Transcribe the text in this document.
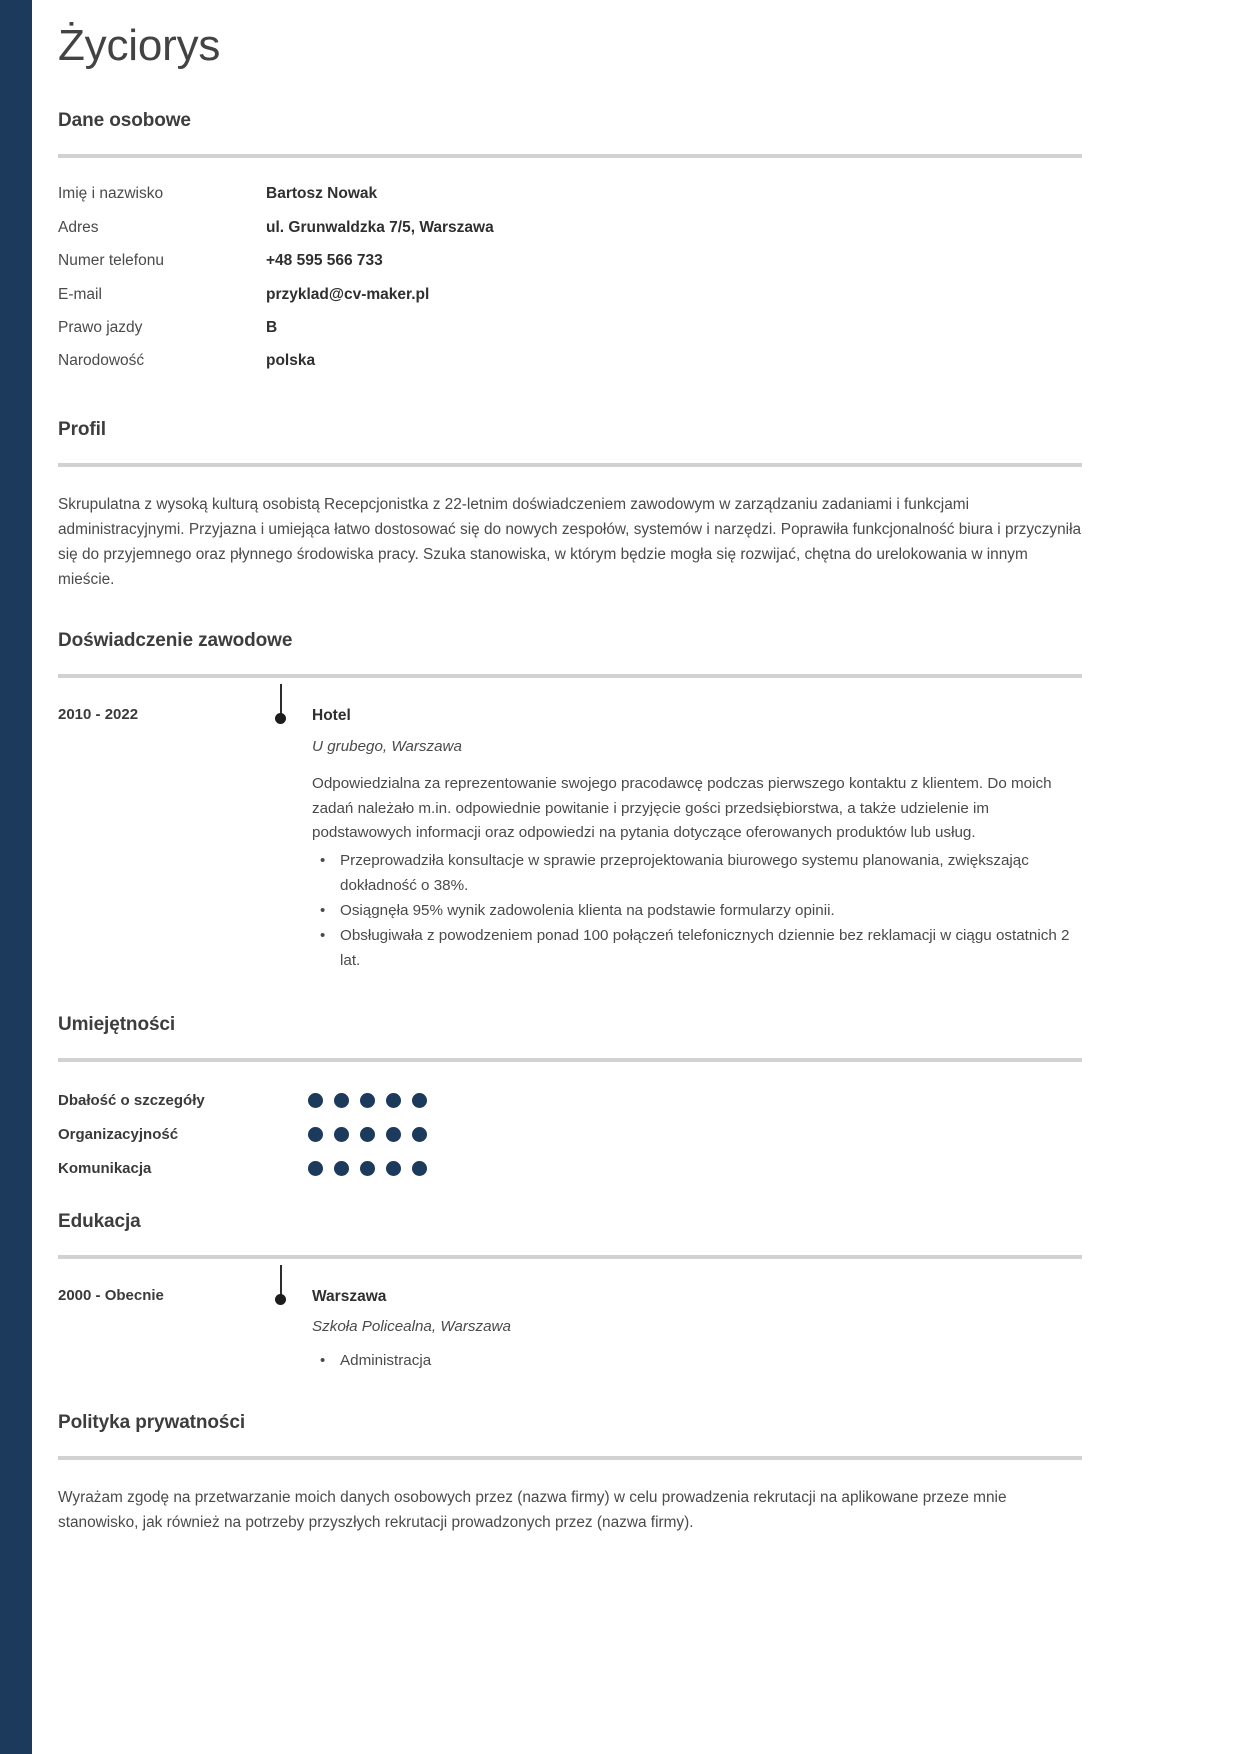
Życiorys
Dane osobowe
Imię i nazwisko	Bartosz Nowak
Adres	ul. Grunwaldzka 7/5, Warszawa
Numer telefonu	+48 595 566 733
E-mail	przyklad@cv-maker.pl
Prawo jazdy	B
Narodowość	polska
Profil

Skrupulatna z wysoką kulturą osobistą Recepcjonistka z 22-letnim doświadczeniem zawodowym w zarządzaniu zadaniami i funkcjami administracyjnymi. Przyjazna i umiejąca łatwo dostosować się do nowych zespołów, systemów i narzędzi. Poprawiła funkcjonalność biura i przyczyniła się do przyjemnego oraz płynnego środowiska pracy. Szuka stanowiska, w którym będzie mogła się rozwijać, chętna do urelokowania w innym mieście.

Doświadczenie zawodowe
2010 - 2022	Hotel

U grubego, Warszawa

Odpowiedzialna za reprezentowanie swojego pracodawcę podczas pierwszego kontaktu z klientem. Do moich zadań należało m.in. odpowiednie powitanie i przyjęcie gości przedsiębiorstwa, a także udzielenie im podstawowych informacji oraz odpowiedzi na pytania dotyczące oferowanych produktów lub usług.

• Przeprowadziła konsultacje w sprawie przeprojektowania biurowego systemu planowania, zwiększając dokładność o 38%.
• Osiągnęła 95% wynik zadowolenia klienta na podstawie formularzy opinii.
• Obsługiwała z powodzeniem ponad 100 połączeń telefonicznych dziennie bez reklamacji w ciągu ostatnich 2 lat.
Umiejętności
Dbałość o szczegóły
Organizacyjność
Komunikacja
Edukacja
2000 - Obecnie	Warszawa

Szkoła Policealna, Warszawa

• Administracja
Polityka prywatności

Wyrażam zgodę na przetwarzanie moich danych osobowych przez (nazwa firmy) w celu prowadzenia rekrutacji na aplikowane przeze mnie stanowisko, jak również na potrzeby przyszłych rekrutacji prowadzonych przez (nazwa firmy).
